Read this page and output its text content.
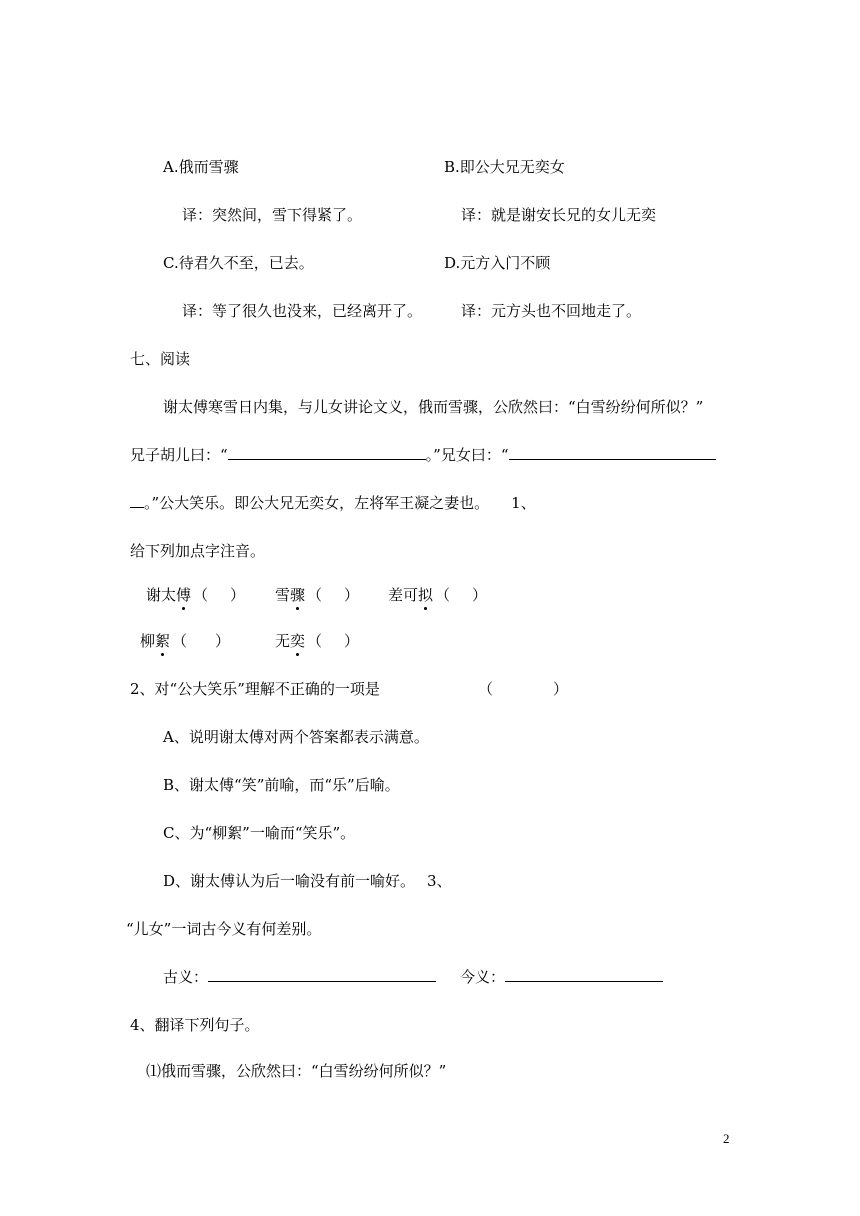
A.俄而雪骤	B.即公大兄无奕女
译：突然间，雪下得紧了。	译：就是谢安长兄的女儿无奕
C.待君久不至，已去。	D.元方入门不顾
译：等了很久也没来，已经离开了。	译：元方头也不回地走了。
七、阅读
谢太傅寒雪日内集，与儿女讲论文义，俄而雪骤，公欣然曰：“白雪纷纷何所似？”
兄子胡儿曰：“	。”兄女曰：“
。”公大笑乐。即公大兄无奕女，左将军王凝之妻也。 1、
给下列加点字注音。
谢太傅 （ ） 雪骤 （ ） 差可拟 （ ）
柳絮 （ ）	无奕 （ ）
2、对“公大笑乐”理解不正确的一项是	（　　　　）
A、说明谢太傅对两个答案都表示满意。
B、谢太傅“笑”前喻，而“乐”后喻。
C、为“柳絮”一喻而“笑乐”。
D、谢太傅认为后一喻没有前一喻好。 3、
“儿女”一词古今义有何差别。
古义：	今义：
4、翻译下列句子。
⑴俄而雪骤，公欣然曰：“白雪纷纷何所似？”
2
